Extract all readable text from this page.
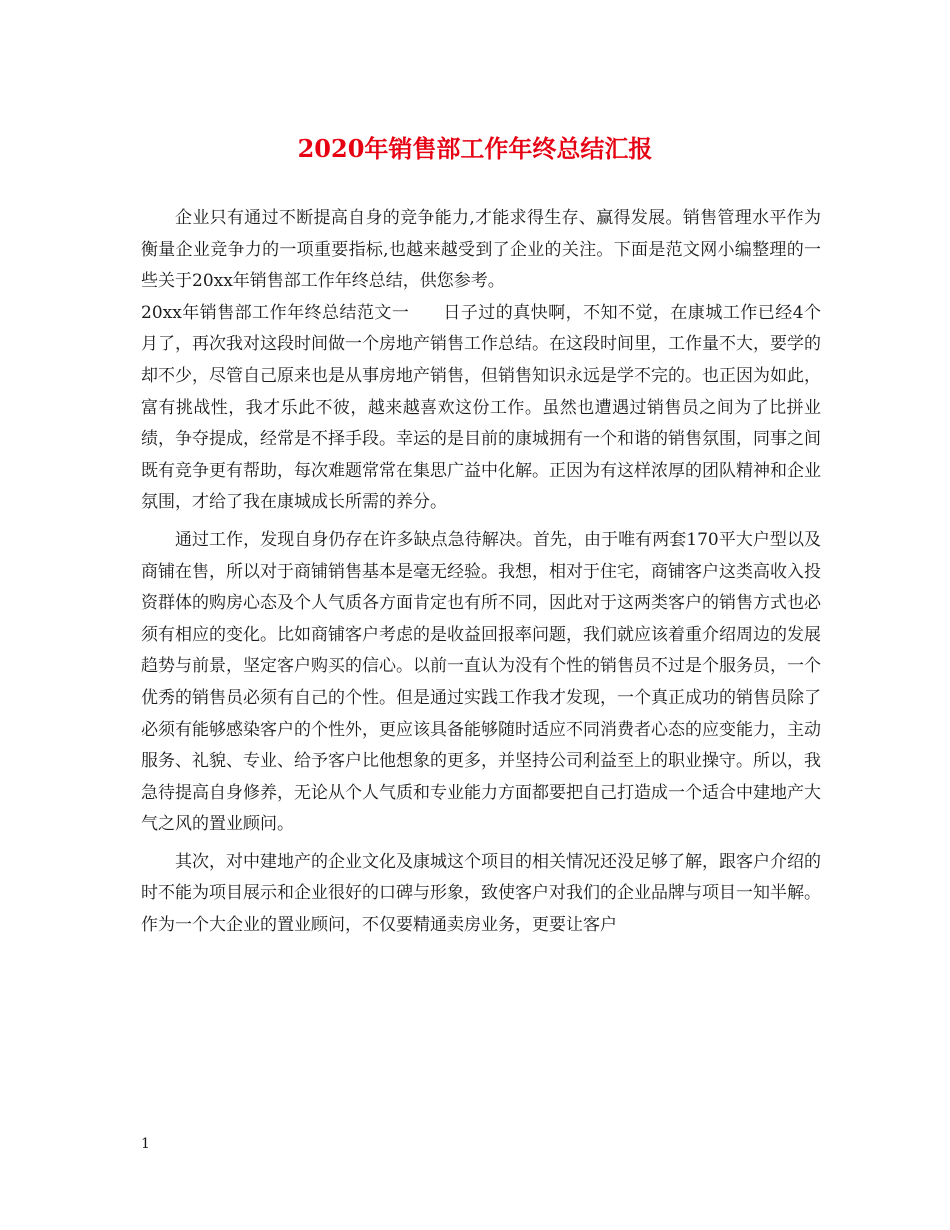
2020年销售部工作年终总结汇报

企业只有通过不断提高自身的竞争能力,才能求得生存、赢得发展。销售管理水平作为衡量企业竞争力的一项重要指标,也越来越受到了企业的关注。下面是范文网小编整理的一些关于20xx年销售部工作年终总结，供您参考。

20xx年销售部工作年终总结范文一 日子过的真快啊，不知不觉，在康城工作已经4个月了，再次我对这段时间做一个房地产销售工作总结。在这段时间里，工作量不大，要学的却不少，尽管自己原来也是从事房地产销售，但销售知识永远是学不完的。也正因为如此，富有挑战性，我才乐此不彼，越来越喜欢这份工作。虽然也遭遇过销售员之间为了比拼业绩，争夺提成，经常是不择手段。幸运的是目前的康城拥有一个和谐的销售氛围，同事之间既有竞争更有帮助，每次难题常常在集思广益中化解。正因为有这样浓厚的团队精神和企业氛围，才给了我在康城成长所需的养分。

通过工作，发现自身仍存在许多缺点急待解决。首先，由于唯有两套170平大户型以及商铺在售，所以对于商铺销售基本是毫无经验。我想，相对于住宅，商铺客户这类高收入投资群体的购房心态及个人气质各方面肯定也有所不同，因此对于这两类客户的销售方式也必须有相应的变化。比如商铺客户考虑的是收益回报率问题，我们就应该着重介绍周边的发展趋势与前景，坚定客户购买的信心。以前一直认为没有个性的销售员不过是个服务员，一个优秀的销售员必须有自己的个性。但是通过实践工作我才发现，一个真正成功的销售员除了必须有能够感染客户的个性外，更应该具备能够随时适应不同消费者心态的应变能力，主动服务、礼貌、专业、给予客户比他想象的更多，并坚持公司利益至上的职业操守。所以，我急待提高自身修养，无论从个人气质和专业能力方面都要把自己打造成一个适合中建地产大气之风的置业顾问。

其次，对中建地产的企业文化及康城这个项目的相关情况还没足够了解，跟客户介绍的时不能为项目展示和企业很好的口碑与形象，致使客户对我们的企业品牌与项目一知半解。作为一个大企业的置业顾问，不仅要精通卖房业务，更要让客户

1
